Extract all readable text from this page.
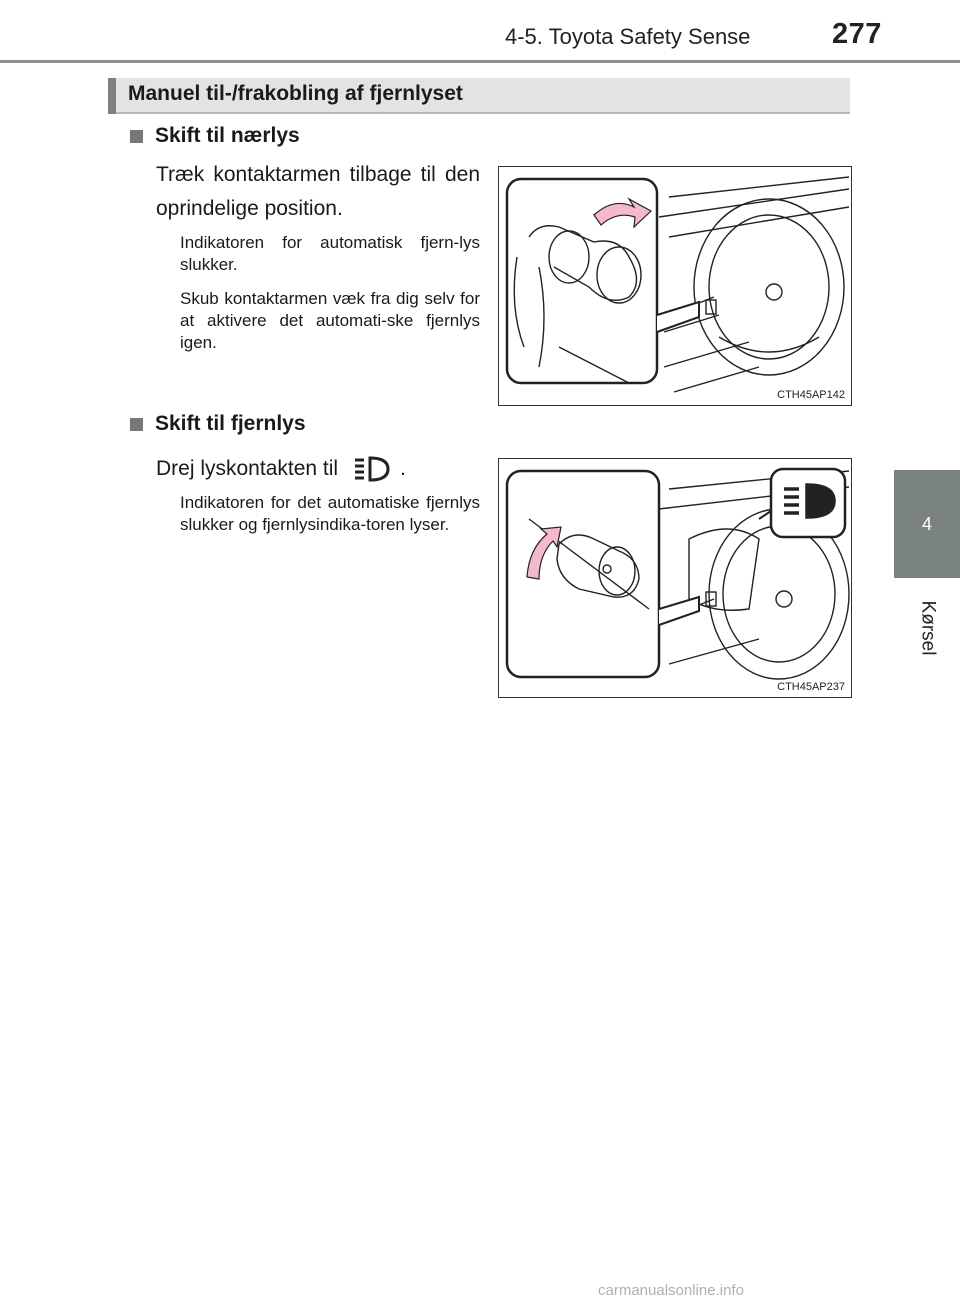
4-5. Toyota Safety Sense	277
4
Kørsel
Manuel til-/frakobling af fjernlyset
Skift til nærlys
Træk kontaktarmen tilbage til den oprindelige position.
Indikatoren for automatisk fjern-lys slukker.
Skub kontaktarmen væk fra dig selv for at aktivere det automati-ske fjernlys igen.
CTH45AP142
Skift til fjernlys
Drej lyskontakten til	.
Indikatoren for det automatiske fjernlys slukker og fjernlysindika-toren lyser.
CTH45AP237
carmanualsonline.info
